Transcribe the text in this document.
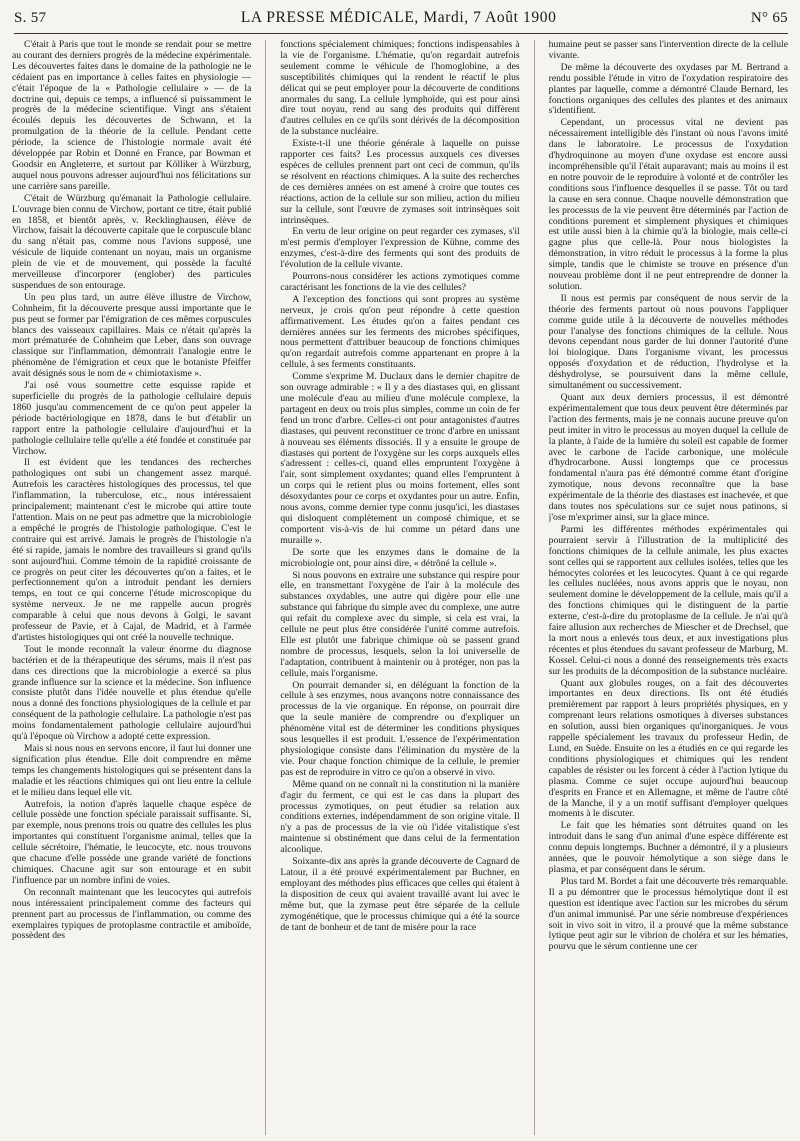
S. 57	LA PRESSE MÉDICALE, Mardi, 7 Août 1900	N° 65

C'était à Paris que tout le monde se rendait pour se mettre au courant des derniers progrès de la médecine expérimentale. Les découvertes faites dans le domaine de la pathologie ne le cédaient pas en importance à celles faites en physiologie — c'était l'époque de la « Pathologie cellulaire » — de la doctrine qui, depuis ce temps, a influencé si puissamment le progrès de la médecine scientifique. Vingt ans s'étaient écoulés depuis les découvertes de Schwann, et la promulgation de la théorie de la cellule. Pendant cette période, la science de l'histologie normale avait été développée par Robin et Donné en France, par Bowman et Goodsir en Angleterre, et surtout par Kölliker à Würzburg, auquel nous pouvons adresser aujourd'hui nos félicitations sur une carrière sans pareille.

C'était de Würzburg qu'émanait la Pathologie cellulaire. L'ouvrage bien connu de Virchow, portant ce titre, était publié en 1858, et bientôt après, v. Recklinghausen, élève de Virchow, faisait la découverte capitale que le corpuscule blanc du sang n'était pas, comme nous l'avions supposé, une vésicule de liquide contenant un noyau, mais un organisme plein de vie et de mouvement, qui possède la faculté merveilleuse d'incorporer (englober) des particules suspendues de son entourage.

Un peu plus tard, un autre élève illustre de Virchow, Cohnheim, fit la découverte presque aussi importante que le pus peut se former par l'émigration de ces mêmes corpuscules blancs des vaisseaux capillaires. Mais ce n'était qu'après la mort prématurée de Cohnheim que Leber, dans son ouvrage classique sur l'inflammation, démontrait l'analogie entre le phénomène de l'émigration et ceux que le botaniste Pfeiffer avait désignés sous le nom de « chimiotaxisme ».

J'ai osé vous soumettre cette esquisse rapide et superficielle du progrès de la pathologie cellulaire depuis 1860 jusqu'au commencement de ce qu'on peut appeler la période bactériologique en 1878, dans le but d'établir un rapport entre la pathologie cellulaire d'aujourd'hui et la pathologie cellulaire telle qu'elle a été fondée et constituée par Virchow.

Il est évident que les tendances des recherches pathologiques ont subi un changement assez marqué. Autrefois les caractères histologiques des processus, tel que l'inflammation, la tuberculose, etc., nous intéressaient principalement; maintenant c'est le microbe qui attire toute l'attention. Mais on ne peut pas admettre que la microbiologie a empêché le progrès de l'histologie pathologique. C'est le contraire qui est arrivé. Jamais le progrès de l'histologie n'a été si rapide, jamais le nombre des travailleurs si grand qu'ils sont aujourd'hui. Comme témoin de la rapidité croissante de ce progrès on peut citer les découvertes qu'on a faites, et le perfectionnement qu'on a introduit pendant les derniers temps, en tout ce qui concerne l'étude microscopique du système nerveux. Je ne me rappelle aucun progrès comparable à celui que nous devons à Golgi, le savant professeur de Pavie, et à Cajal, de Madrid, et à l'armée d'artistes histologiques qui ont créé la nouvelle technique.

Tout le monde reconnaît la valeur énorme du diagnose bactérien et de la thérapeutique des sérums, mais il n'est pas dans ces directions que la microbiologie a exercé sa plus grande influence sur la science et la médecine. Son influence consiste plutôt dans l'idée nouvelle et plus étendue qu'elle nous a donné des fonctions physiologiques de la cellule et par conséquent de la pathologie cellulaire. La pathologie n'est pas moins fondamentalement pathologie cellulaire aujourd'hui qu'à l'époque où Virchow a adopté cette expression.

Mais si nous nous en servons encore, il faut lui donner une signification plus étendue. Elle doit comprendre en même temps les changements histologiques qui se présentent dans la maladie et les réactions chimiques qui ont lieu entre la cellule et le milieu dans lequel elle vit.

Autrefois, la notion d'après laquelle chaque espèce de cellule possède une fonction spéciale paraissait suffisante. Si, par exemple, nous prenons trois ou quatre des cellules les plus importantes qui constituent l'organisme animal, telles que la cellule sécrétoire, l'hématie, le leucocyte, etc. nous trouvons que chacune d'elle possède une grande variété de fonctions chimiques. Chacune agit sur son entourage et en subit l'influence par un nombre infini de voies.

On reconnaît maintenant que les leucocytes qui autrefois nous intéressaient principalement comme des facteurs qui prennent part au processus de l'inflammation, ou comme des exemplaires typiques de protoplasme contractile et amiboïde, possèdent des

fonctions spécialement chimiques; fonctions indispensables à la vie de l'organisme. L'hématie, qu'on regardait autrefois seulement comme le véhicule de l'homoglobine, a des susceptibilités chimiques qui la rendent le réactif le plus délicat qui se peut employer pour la découverte de conditions anormales du sang. La cellule lymphoïde, qui est pour ainsi dire tout noyau, rend au sang des produits qui diffèrent d'autres cellules en ce qu'ils sont dérivés de la décomposition de la substance nucléaire.

Existe-t-il une théorie générale à laquelle on puisse rapporter ces faits? Les processus auxquels ces diverses espèces de cellules prennent part ont ceci de commun, qu'ils se résolvent en réactions chimiques. A la suite des recherches de ces dernières années on est amené à croire que toutes ces réactions, action de la cellule sur son milieu, action du milieu sur la cellule, sont l'œuvre de zymases soit intrinsèques soit intrinsèques.

En vertu de leur origine on peut regarder ces zymases, s'il m'est permis d'employer l'expression de Kühne, comme des enzymes, c'est-à-dire des ferments qui sont des produits de l'évolution de la cellule vivante.

Pourrons-nous considérer les actions zymotiques comme caractérisant les fonctions de la vie des cellules?

A l'exception des fonctions qui sont propres au système nerveux, je crois qu'on peut répondre à cette question affirmativement. Les études qu'on a faites pendant ces dernières années sur les ferments des microbes spécifiques, nous permettent d'attribuer beaucoup de fonctions chimiques qu'on regardait autrefois comme appartenant en propre à la cellule, à ses ferments constituants.

Comme s'exprime M. Duclaux dans le dernier chapitre de son ouvrage admirable : « Il y a des diastases qui, en glissant une molécule d'eau au milieu d'une molécule complexe, la partagent en deux ou trois plus simples, comme un coin de fer fend un tronc d'arbre. Celles-ci ont pour antagonistes d'autres diastases, qui peuvent reconstituer ce tronc d'arbre en unissant à nouveau ses éléments dissociés. Il y a ensuite le groupe de diastases qui portent de l'oxygène sur les corps auxquels elles s'adressent : celles-ci, quand elles empruntent l'oxygène à l'air, sont simplement oxydantes; quand elles l'empruntent à un corps qui le retient plus ou moins fortement, elles sont désoxydantes pour ce corps et oxydantes pour un autre. Enfin, nous avons, comme dernier type connu jusqu'ici, les diastases qui disloquent complètement un composé chimique, et se comportent vis-à-vis de lui comme un pétard dans une muraille ».

De sorte que les enzymes dans le domaine de la microbiologie ont, pour ainsi dire, « détrôné la cellule ».

Si nous pouvons en extraire une substance qui respire pour elle, en transmettant l'oxygène de l'air à la molécule des substances oxydables, une autre qui digère pour elle une substance qui fabrique du simple avec du complexe, une autre qui refait du complexe avec du simple, si cela est vrai, la cellule ne peut plus être considérée l'unité comme autrefois. Elle est plutôt une fabrique chimique où se passent grand nombre de processus, lesquels, selon la loi universelle de l'adaptation, contribuent à maintenir ou à protéger, non pas la cellule, mais l'organisme.

On pourrait demander si, en déléguant la fonction de la cellule à ses enzymes, nous avançons notre connaissance des processus de la vie organique. En réponse, on pourrait dire que la seule manière de comprendre ou d'expliquer un phénomène vital est de déterminer les conditions physiques sous lesquelles il est produit. L'essence de l'expérimentation physiologique consiste dans l'élimination du mystère de la vie. Pour chaque fonction chimique de la cellule, le premier pas est de reproduire in vitro ce qu'on a observé in vivo.

Même quand on ne connaît ni la constitution ni la manière d'agir du ferment, ce qui est le cas dans la plupart des processus zymotiques, on peut étudier sa relation aux conditions externes, indépendamment de son origine vitale. Il n'y a pas de processus de la vie où l'idée vitalistique s'est maintenue si obstinément que dans celui de la fermentation alcoolique.

Soixante-dix ans après la grande découverte de Cagnard de Latour, il a été prouvé expérimentalement par Buchner, en employant des méthodes plus efficaces que celles qui étaient à la disposition de ceux qui avaient travaillé avant lui avec le même but, que la zymase peut être séparée de la cellule zymogénétique, que le processus chimique qui a été la source de tant de bonheur et de tant de misère pour la race

humaine peut se passer sans l'intervention directe de la cellule vivante.

De même la découverte des oxydases par M. Bertrand a rendu possible l'étude in vitro de l'oxydation respiratoire des plantes par laquelle, comme a démontré Claude Bernard, les fonctions organiques des cellules des plantes et des animaux s'identifient.

Cependant, un processus vital ne devient pas nécessairement intelligible dès l'instant où nous l'avons imité dans le laboratoire. Le processus de l'oxydation d'hydroquinone au moyen d'une oxydase est encore aussi incompréhensible qu'il l'était auparavant; mais au moins il est en notre pouvoir de le reproduire à volonté et de contrôler les conditions sous l'influence desquelles il se passe. Tôt ou tard la cause en sera connue. Chaque nouvelle démonstration que les processus de la vie peuvent être déterminés par l'action de conditions purement et simplement physiques et chimiques est utile aussi bien à la chimie qu'à la biologie, mais celle-ci gagne plus que celle-là. Pour nous biologistes la démonstration, in vitro réduit le processus à la forme la plus simple, tandis que le chimiste se trouve en présence d'un nouveau problème dont il ne peut entreprendre de donner la solution.

Il nous est permis par conséquent de nous servir de la théorie des ferments partout où nous pouvons l'appliquer comme guide utile à la découverte de nouvelles méthodes pour l'analyse des fonctions chimiques de la cellule. Nous devons cependant nous garder de lui donner l'autorité d'une loi biologique. Dans l'organisme vivant, les processus opposés d'oxydation et de réduction, l'hydrolyse et la déshydrolyse, se poursuivent dans la même cellule, simultanément ou successivement.

Quant aux deux derniers processus, il est démontré expérimentalement que tous deux peuvent être déterminés par l'action des ferments, mais je ne connais aucune preuve qu'on peut imiter in vitro le processus au moyen duquel la cellule de la plante, à l'aide de la lumière du soleil est capable de former avec le carbone de l'acide carbonique, une molécule d'hydrocarbone. Aussi longtemps que ce processus fondamental n'aura pas été démontré comme étant d'origine zymotique, nous devons reconnaître que la base expérimentale de la théorie des diastases est inachevée, et que dans toutes nos spéculations sur ce sujet nous patinons, si j'ose m'exprimer ainsi, sur la glace mince.

Parmi les différentes méthodes expérimentales qui pourraient servir à l'illustration de la multiplicité des fonctions chimiques de la cellule animale, les plus exactes sont celles qui se rapportent aux cellules isolées, telles que les hémocytes colorées et les leucocytes. Quant à ce qui regarde les cellules nucléées, nous avons appris que le noyau, non seulement domine le développement de la cellule, mais qu'il a des fonctions chimiques qui le distinguent de la partie externe, c'est-à-dire du protoplasme de la cellule. Je n'ai qu'à faire allusion aux recherches de Miescher et de Drechsel, que la mort nous a enlevés tous deux, et aux investigations plus récentes et plus étendues du savant professeur de Marburg, M. Kossel. Celui-ci nous a donné des renseignements très exacts sur les produits de la décomposition de la substance nucléaire.

Quant aux globules rouges, on a fait des découvertes importantes en deux directions. Ils ont été étudiés premièrement par rapport à leurs propriétés physiques, en y comprenant leurs relations osmotiques à diverses substances en solution, aussi bien organiques qu'inorganiques. Je vous rappelle spécialement les travaux du professeur Hedin, de Lund, en Suède. Ensuite on les a étudiés en ce qui regarde les conditions physiologiques et chimiques qui les rendent capables de résister ou les forcent à céder à l'action lytique du plasma. Comme ce sujet occupe aujourd'hui beaucoup d'esprits en France et en Allemagne, et même de l'autre côté de la Manche, il y a un motif suffisant d'employer quelques moments à le discuter.

Le fait que les hématies sont détruites quand on les introduit dans le sang d'un animal d'une espèce différente est connu depuis longtemps. Buchner a démontré, il y a plusieurs années, que le pouvoir hémolytique a son siège dans le plasma, et par conséquent dans le sérum.

Plus tard M. Bordet a fait une découverte très remarquable. Il a pu démontrer que le processus hémolytique dont il est question est identique avec l'action sur les microbes du sérum d'un animal immunisé. Par une série nombreuse d'expériences soit in vivo soit in vitro, il a prouvé que la même substance lytique peut agir sur le vibrion de choléra et sur les hématies, pourvu que le sérum contienne une cer
